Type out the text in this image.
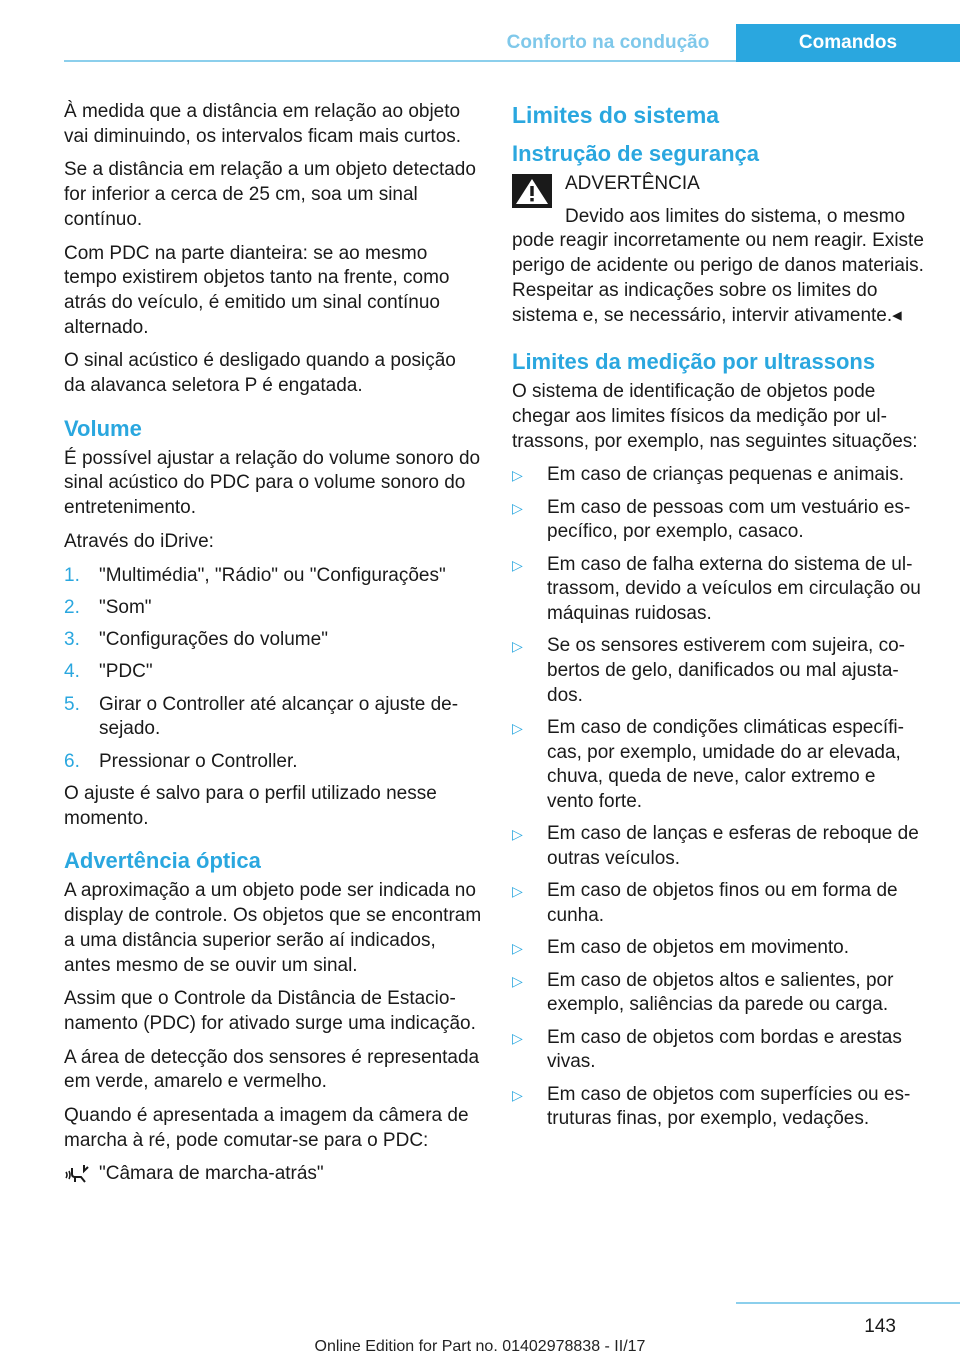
Conforto na condução	Comandos

À medida que a distância em relação ao objeto vai diminuindo, os intervalos ficam mais curtos.

Se a distância em relação a um objeto detectado for inferior a cerca de 25 cm, soa um sinal contínuo.

Com PDC na parte dianteira: se ao mesmo tempo existirem objetos tanto na frente, como atrás do veículo, é emitido um sinal contínuo alternado.

O sinal acústico é desligado quando a posição da alavanca seletora P é engatada.

Volume

É possível ajustar a relação do volume sonoro do sinal acústico do PDC para o volume sonoro do entretenimento.

Através do iDrive:

1.	"Multimédia", "Rádio" ou "Configurações"
2.	"Som"
3.	"Configurações do volume"
4.	"PDC"
5.	Girar o Controller até alcançar o ajuste desejado.
6.	Pressionar o Controller.

O ajuste é salvo para o perfil utilizado nesse momento.

Advertência óptica

A aproximação a um objeto pode ser indicada no display de controle. Os objetos que se encontram a uma distância superior serão aí indicados, antes mesmo de se ouvir um sinal.

Assim que o Controle da Distância de Estacionamento (PDC) for ativado surge uma indicação.

A área de detecção dos sensores é representada em verde, amarelo e vermelho.

Quando é apresentada a imagem da câmera de marcha à ré, pode comutar-se para o PDC:

"Câmara de marcha-atrás"
Limites do sistema
Instrução de segurança
ADVERTÊNCIA
Devido aos limites do sistema, o mesmo

pode reagir incorretamente ou nem reagir. Existe perigo de acidente ou perigo de danos materiais. Respeitar as indicações sobre os limites do sistema e, se necessário, intervir ativamente.◂

Limites da medição por ultrassons

O sistema de identificação de objetos pode chegar aos limites físicos da medição por ultrassons, por exemplo, nas seguintes situações:

▷	Em caso de crianças pequenas e animais.
▷	Em caso de pessoas com um vestuário específico, por exemplo, casaco.
▷	Em caso de falha externa do sistema de ultrassom, devido a veículos em circulação ou máquinas ruidosas.
▷	Se os sensores estiverem com sujeira, cobertos de gelo, danificados ou mal ajustados.
▷	Em caso de condições climáticas específicas, por exemplo, umidade do ar elevada, chuva, queda de neve, calor extremo e vento forte.
▷	Em caso de lanças e esferas de reboque de outras veículos.
▷	Em caso de objetos finos ou em forma de cunha.
▷	Em caso de objetos em movimento.
▷	Em caso de objetos altos e salientes, por exemplo, saliências da parede ou carga.
▷	Em caso de objetos com bordas e arestas vivas.
▷	Em caso de objetos com superfícies ou estruturas finas, por exemplo, vedações.
143
Online Edition for Part no. 01402978838 - II/17
